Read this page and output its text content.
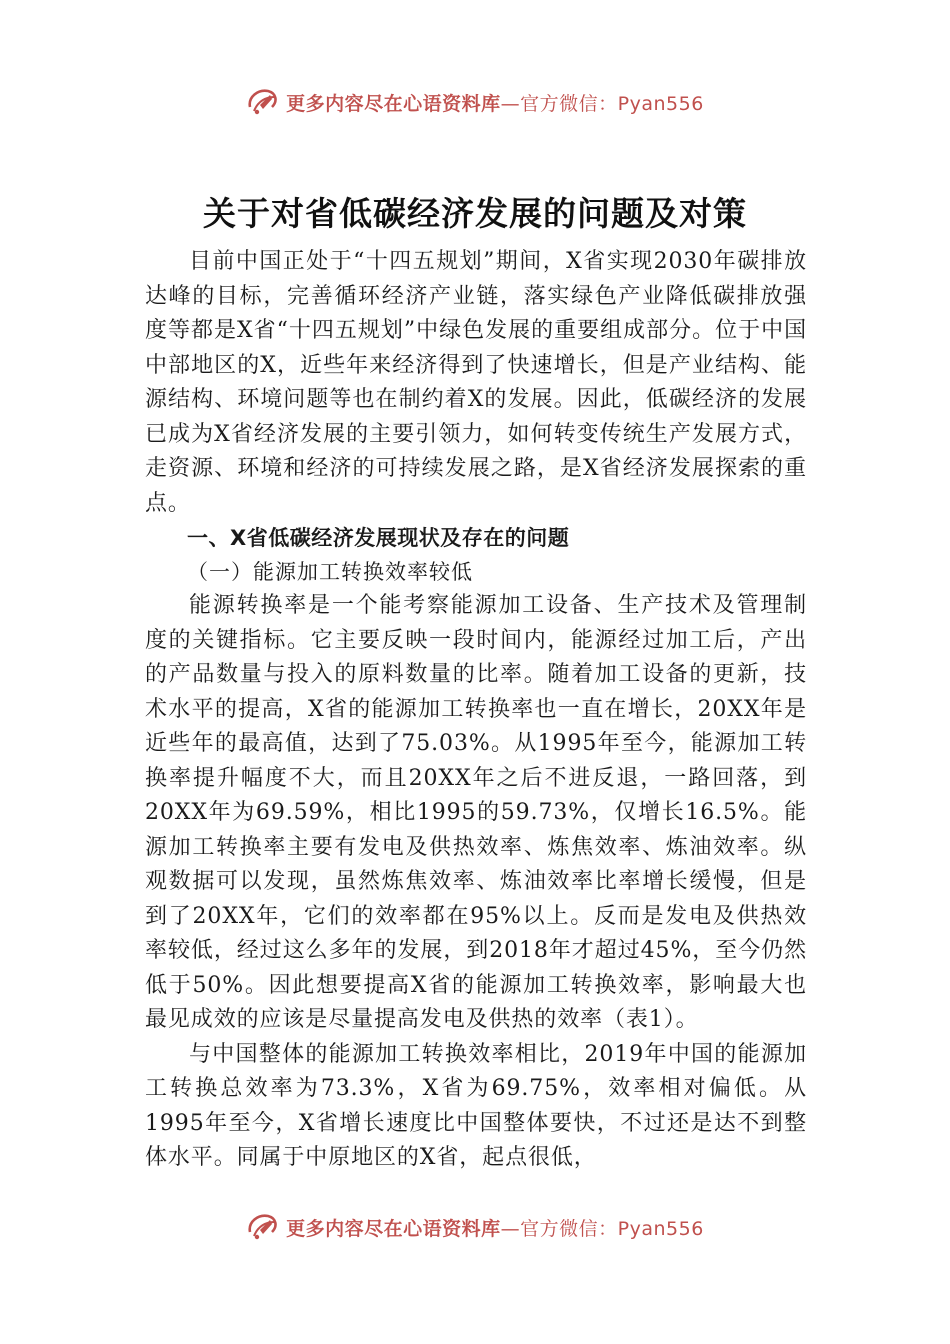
更多内容尽在心语资料库—官方微信：Pyan556
关于对省低碳经济发展的问题及对策

目前中国正处于“十四五规划”期间，X省实现2030年碳排放达峰的目标，完善循环经济产业链，落实绿色产业降低碳排放强度等都是X省“十四五规划”中绿色发展的重要组成部分。位于中国中部地区的X，近些年来经济得到了快速增长，但是产业结构、能源结构、环境问题等也在制约着X的发展。因此，低碳经济的发展已成为X省经济发展的主要引领力，如何转变传统生产发展方式，走资源、环境和经济的可持续发展之路，是X省经济发展探索的重点。

一、X省低碳经济发展现状及存在的问题

（一）能源加工转换效率较低

能源转换率是一个能考察能源加工设备、生产技术及管理制度的关键指标。它主要反映一段时间内，能源经过加工后，产出的产品数量与投入的原料数量的比率。随着加工设备的更新，技术水平的提高，X省的能源加工转换率也一直在增长，20XX年是近些年的最高值，达到了75.03%。从1995年至今，能源加工转换率提升幅度不大，而且20XX年之后不进反退，一路回落，到20XX年为69.59%，相比1995的59.73%，仅增长16.5%。能源加工转换率主要有发电及供热效率、炼焦效率、炼油效率。纵观数据可以发现，虽然炼焦效率、炼油效率比率增长缓慢，但是到了20XX年，它们的效率都在95%以上。反而是发电及供热效率较低，经过这么多年的发展，到2018年才超过45%，至今仍然低于50%。因此想要提高X省的能源加工转换效率，影响最大也最见成效的应该是尽量提高发电及供热的效率（表1）。

与中国整体的能源加工转换效率相比，2019年中国的能源加工转换总效率为73.3%，X省为69.75%，效率相对偏低。从1995年至今，X省增长速度比中国整体要快，不过还是达不到整体水平。同属于中原地区的X省，起点很低，

更多内容尽在心语资料库—官方微信：Pyan556
